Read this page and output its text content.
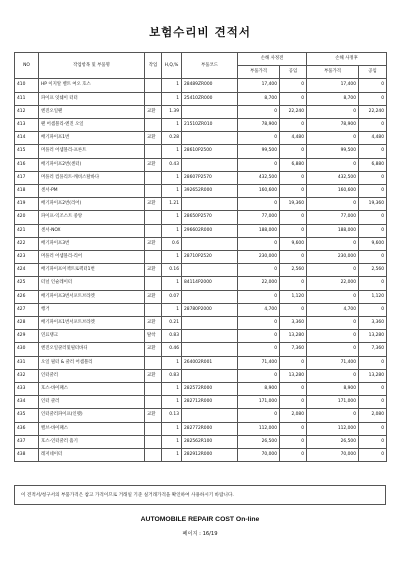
보험수리비 견적서
NO	작업항목 및 부품명	작업	H,Q,%	부품코드	손해 사정전		손해 사정후	
					부품가격	공임	부품가격	공임
410	HP 이지알 벨트 여오 호스		1	28489ZR000	17,400	0	17,400	0
411	파이프 잇쉐이 터터		1	25410ZR000	8,700	0	8,700	0
412	엔진오일팬	교환	1.39		0	22,240	0	22,240
413	팬 어셈블리-엔진 오일		1	21510ZR010	78,900	0	78,900	0
414	배기파이프1번	교환	0.28		0	4,480	0	4,480
415	머플러 어셈블리-프론트		1	28610P2500	99,500	0	99,500	0
416	배기파이프2번(센터)	교환	0.43		0	6,880	0	6,880
417	머플러 컴플리트-캐비스탈바다		1	28607P2570	432,500	0	432,500	0
418	센서-PM		1	392652R000	160,600	0	160,600	0
419	배기파이프2번(리어)	교환	1.21		0	19,360	0	19,360
420	파이프-익조스트 중앙		1	28650P2570	77,000	0	77,000	0
421	센서-NOX		1	296602R000	188,000	0	188,000	0
422	배기파이프3번	교환	0.6		0	9,600	0	9,600
423	머플러 어셈블리-리어		1	28710P2520	230,000	0	230,000	0
424	배기파이프이젝트로펙터1번	교환	0.16		0	2,560	0	2,560
425	터널 인슐레이터		1	84114P2000	22,000	0	22,000	0
426	배기파이프3번서포트브라켓	교환	0.07		0	1,120	0	1,120
427	행거		1	28780P2000	4,700	0	4,700	0
428	배기파이프1번서포트브라켓	교환	0.21		0	3,360	0	3,360
429	연료탱크	탈착	0.83		0	13,280	0	13,280
430	엔진오일쿨러및필터바디	교환	0.46		0	7,360	0	7,360
431	오일 필터 & 쿨러 어셈블리		1	264002R001	71,400	0	71,400	0
432	인터쿨러	교환	0.83		0	13,280	0	13,280
433	호스-바이패스		1	282572R000	8,900	0	8,900	0
434	인터 쿨러		1	282712R000	171,000	0	171,000	0
435	인터쿨러파이프(인렛)	교환	0.13		0	2,080	0	2,080
436	밸브-바이패스		1	282772R000	112,000	0	112,000	0
437	호스-인터쿨러 흡기		1	282562R100	26,500	0	26,500	0
438	레저네이터		1	282912R000	70,000	0	70,000	0
이 견적서/청구서의 부품가격은 참고 가격이므로 거래일 기준 실거래가격을 확인하여 사용하시기 바랍니다.
AUTOMOBILE REPAIR COST On-line
페이지 : 16/19
